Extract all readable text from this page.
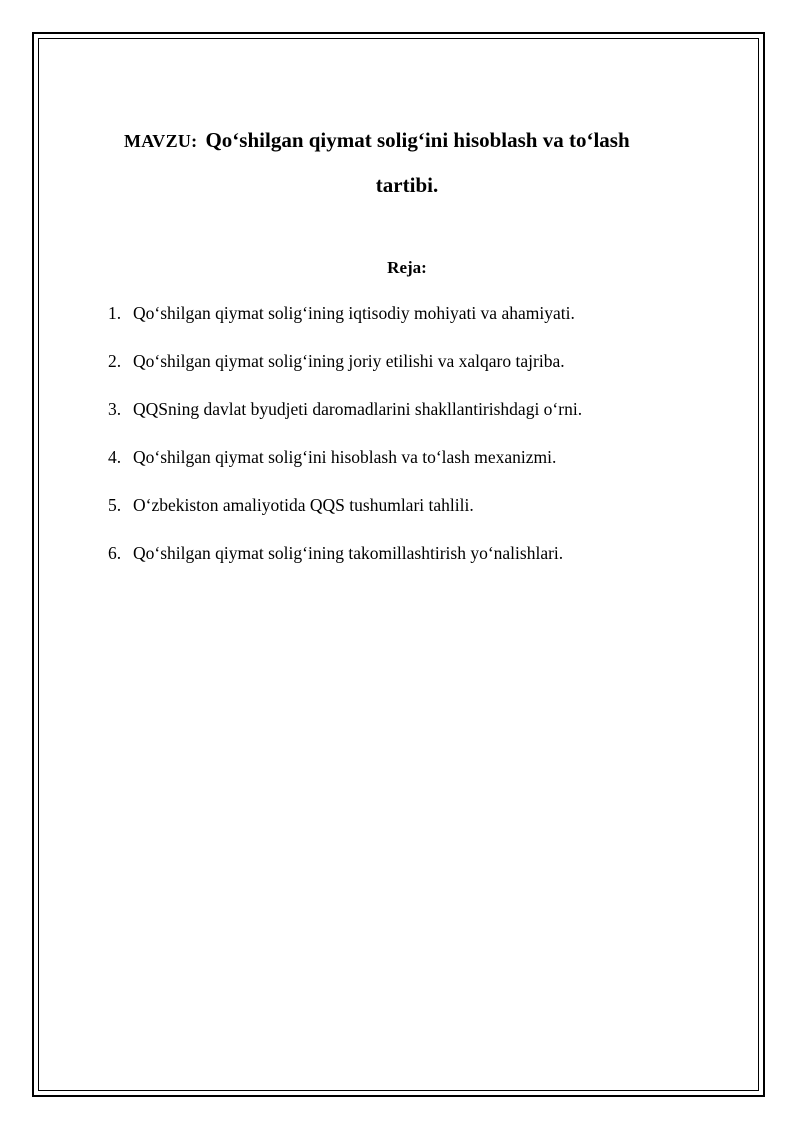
MAVZU: Qo‘shilgan qiymat solig‘ini hisoblash va to‘lash
tartibi.
Reja:
1. Qo‘shilgan qiymat solig‘ining iqtisodiy mohiyati va ahamiyati.
2. Qo‘shilgan qiymat solig‘ining joriy etilishi va xalqaro tajriba.
3. QQSning davlat byudjeti daromadlarini shakllantirishdagi o‘rni.
4. Qo‘shilgan qiymat solig‘ini hisoblash va to‘lash mexanizmi.
5. O‘zbekiston amaliyotida QQS tushumlari tahlili.
6. Qo‘shilgan qiymat solig‘ining takomillashtirish yo‘nalishlari.
